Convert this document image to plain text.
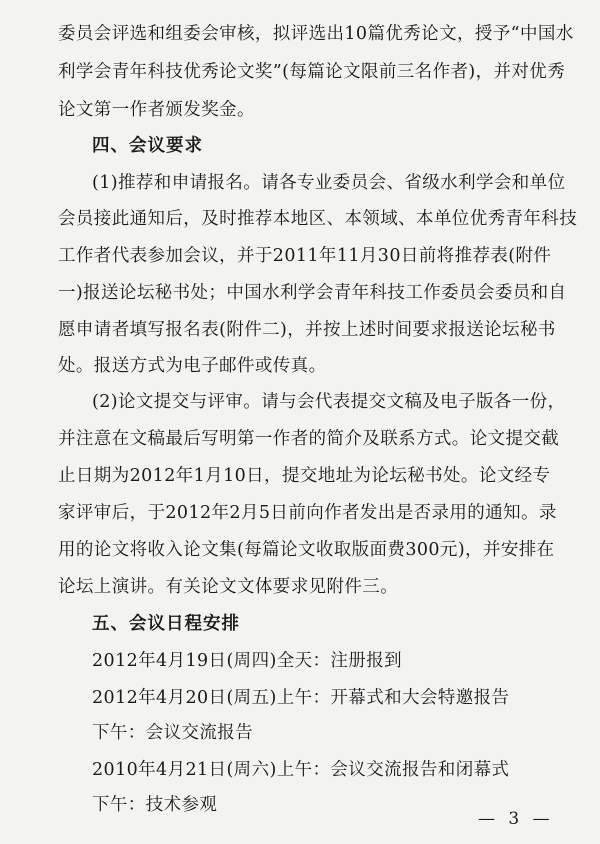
委员会评选和组委会审核，拟评选出10篇优秀论文，授予“中国水
利学会青年科技优秀论文奖”(每篇论文限前三名作者)，并对优秀
论文第一作者颁发奖金。
四、会议要求
(1)推荐和申请报名。请各专业委员会、省级水利学会和单位
会员接此通知后，及时推荐本地区、本领域、本单位优秀青年科技
工作者代表参加会议，并于2011年11月30日前将推荐表(附件
一)报送论坛秘书处；中国水利学会青年科技工作委员会委员和自
愿申请者填写报名表(附件二)，并按上述时间要求报送论坛秘书
处。报送方式为电子邮件或传真。
(2)论文提交与评审。请与会代表提交文稿及电子版各一份，
并注意在文稿最后写明第一作者的简介及联系方式。论文提交截
止日期为2012年1月10日，提交地址为论坛秘书处。论文经专
家评审后，于2012年2月5日前向作者发出是否录用的通知。录
用的论文将收入论文集(每篇论文收取版面费300元)，并安排在
论坛上演讲。有关论文文体要求见附件三。
五、会议日程安排
2012年4月19日(周四)全天：注册报到
2012年4月20日(周五)上午：开幕式和大会特邀报告
下午：会议交流报告
2010年4月21日(周六)上午：会议交流报告和闭幕式
下午：技术参观
— 3 —
